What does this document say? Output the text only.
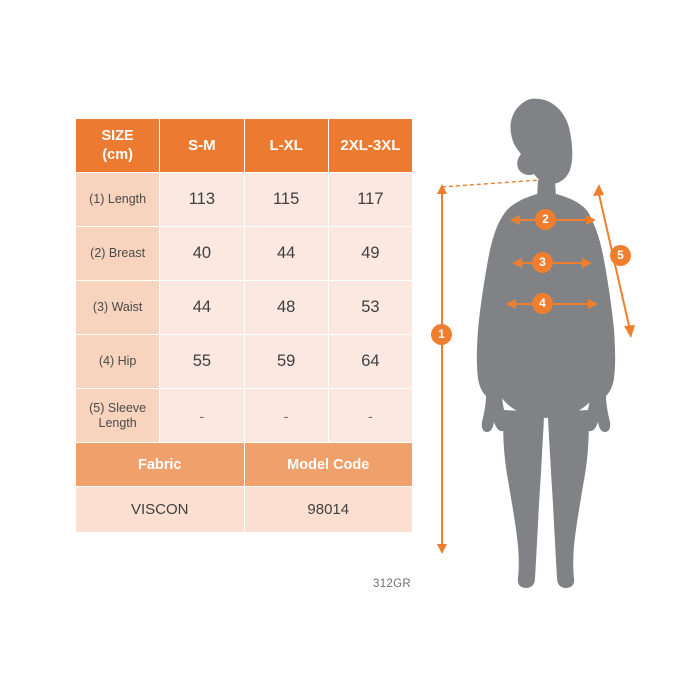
SIZE
(cm)	S-M	L-XL	2XL-3XL
(1) Length	113	115	117
(2) Breast	40	44	49
(3) Waist	44	48	53
(4) Hip	55	59	64
(5) Sleeve Length	-	-	-
Fabric		Model Code	
VISCON		98014	
312GR
1
2
3
4
5
